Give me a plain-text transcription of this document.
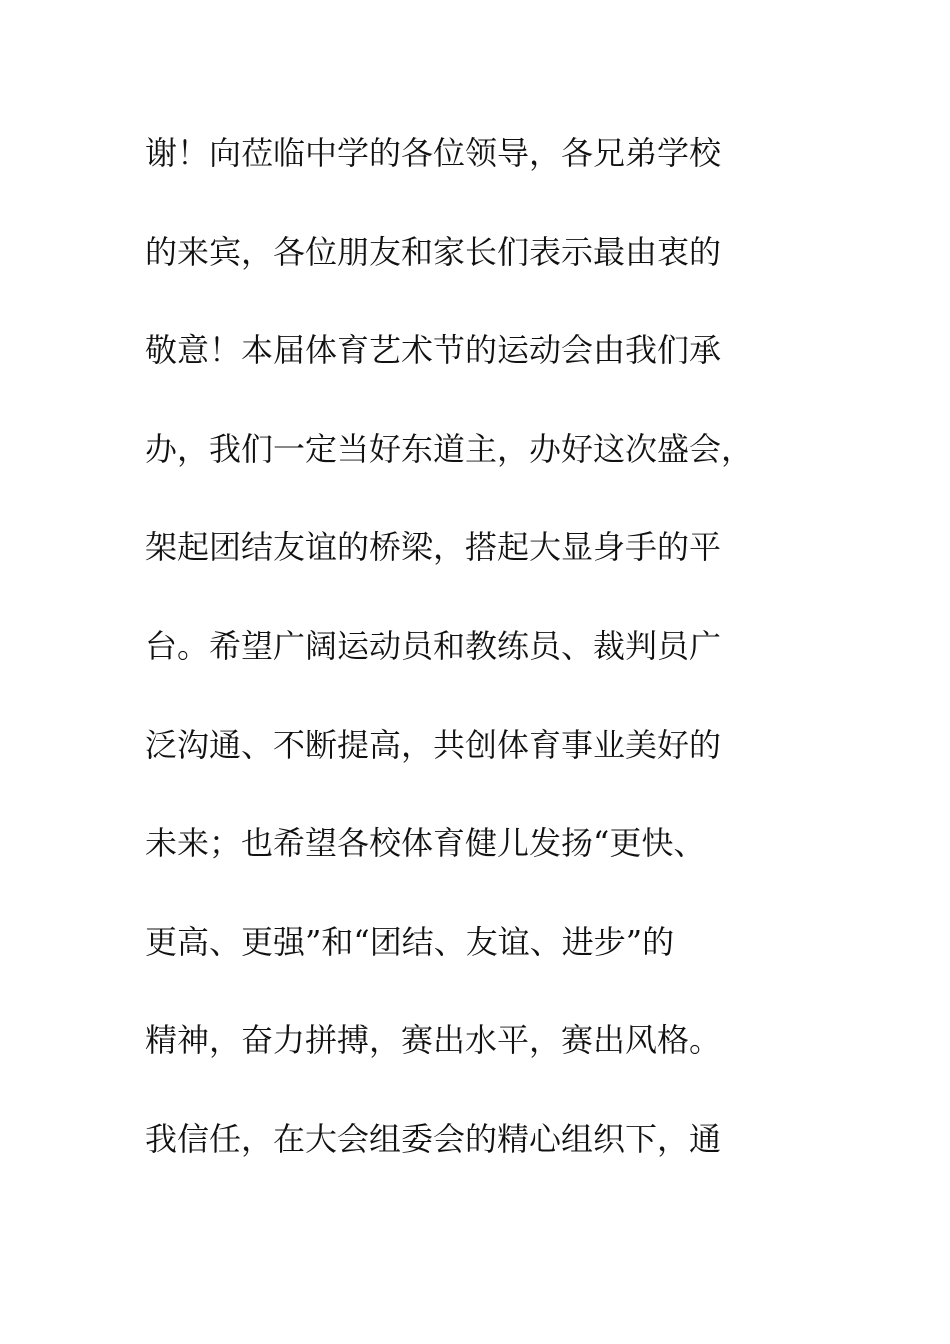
谢！向莅临中学的各位领导，各兄弟学校
的来宾，各位朋友和家长们表示最由衷的
敬意！本届体育艺术节的运动会由我们承
办，我们一定当好东道主，办好这次盛会，
架起团结友谊的桥梁，搭起大显身手的平
台。希望广阔运动员和教练员、裁判员广
泛沟通、不断提高，共创体育事业美好的
未来；也希望各校体育健儿发扬“更快、
更高、更强”和“团结、友谊、进步”的
精神，奋力拼搏，赛出水平，赛出风格。
我信任，在大会组委会的精心组织下，通
